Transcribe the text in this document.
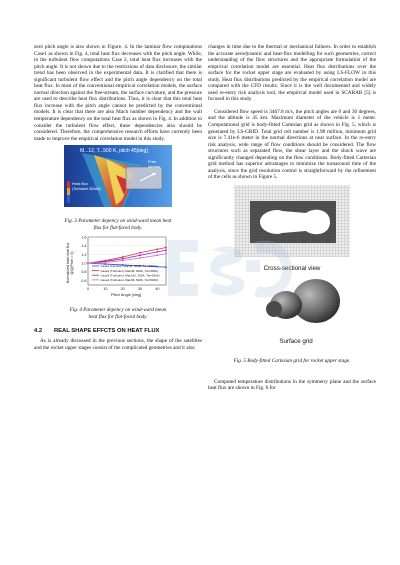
zero pitch angle is also shown in Figure. 4. In the laminar flow computations Case1 as shown in Fig. 4, total heat flux decreases with the pitch angle. While, in the turbulent flow computations Case 2, total heat flux increases with the pitch angle. It is not shown due to the restrictions of data disclosure, the similar trend has been observed in the experimental data. It is clarified that there is significant turbulent flow effect and the pitch angle dependency on the total heat flux. In most of the conventional empirical correlation models, the surface normal direction against the free-stream, the surface curvature, and the pressure are used to describe heat flux distributions. Thus, it is clear that this total heat flux increase with the pitch angle cannot be predicted by the conventional models. It is clear that there are also Mach number dependency and the wall temperature dependency on the total heat flux as shown in Fig. 4. In addition to consider the turbulent flow effect, these dependencies also should be considered. Therefore, the comprehensive research efforts have currently been made to improve the empirical correlation model in this study.

M...12, T...500 K, pitch 45[deg]
Free
stream
Heat flux
(Turbulent 300nB)

Fig. 3 Parameter depency on wind-ward mean heat flux for flat-faced body.

Normalized total heat flux Q/Q(Pitch = 0)
Pitch Angle [deg]
0.6
0.8
1.0
1.2
1.4
1.6
0	10	20	30	40
Case1 (Laminar, Mach8, 300K, Tw=300K)
Case2 (Turbulent, Mach8, 300K, Tw=300K)
Case3 (Turbulent, Mach12, 300K, Tw=300K)
Case4 (Turbulent, Mach8, 500K, Tw=500K)

Fig. 4 Parameter depency on wind-ward mean heat flux for flat-faced body.

4.2	REAL SHAPE EFFCTS ON HEAT FLUX

As is already discussed in the previous sections, the shape of the satellites and the rocket upper stages consist of the complicated geometries and it also

changes in time due to the thermal or mechanical failures. In order to establish the accurate aerodynamic and heat-flux modelling for such geometries, correct understanding of the flow structures and the appropriate formulation of the empirical correlation model are essential. Heat flux distributions over the surface for the rocket upper stage are evaluated by using LS-FLOW in this study. Heat flux distributions predicted by the empirical correlation model are compared with the CFD results. Since it is the well documented and widely used re-entry risk analysis tool, the empirical model used in SCARAB [5] is focused in this study.

Considered flow speed is 3467.8 m/s, the pitch angles are 0 and 30 degrees, and the altitude is 45 km. Maximum diameter of the vehicle is 1 meter. Computational grid is body-fitted Cartesian grid as shown in Fig. 5, which is generated by LS-GRID. Total grid cell number is 1.98 million, minimum grid size is 7.41e-6 meter in the normal directions at near surface. In the re-entry risk analysis, wide range of flow conditions should be considered. The flow structures such as separated flow, the shear layer and the shock wave are significantly changed depending on the flow conditions. Body-fitted Cartesian grid method has superior advantages to minimize the turnaround time of the analysis, since the grid resolution control is straightforward by the refinement of the cells as shown in Figure 5.

Cross-sectional view
Surface grid

Fig. 5 Body-fitted Cartesian grid for rocket upper stage.

Computed temperature distributions in the symmetry plane and the surface heat flux are shown in Fig. 6 for
